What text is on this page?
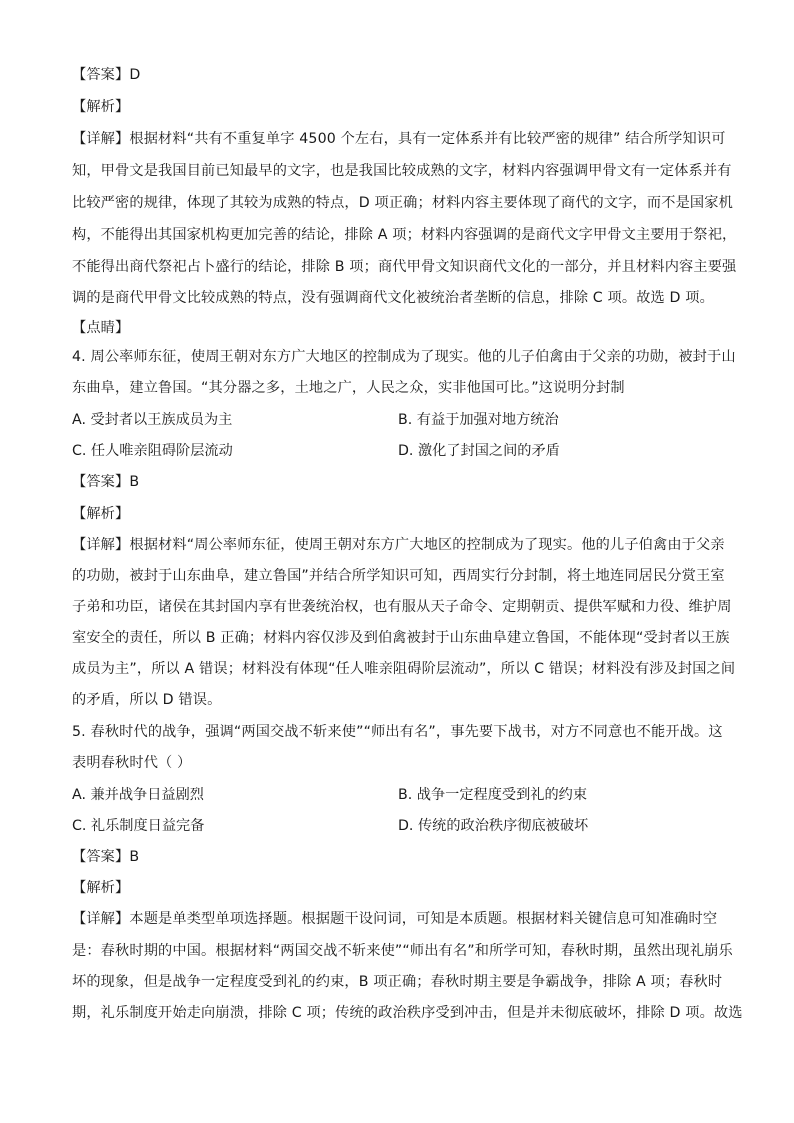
【答案】D
【解析】
【详解】根据材料“共有不重复单字 4500 个左右，具有一定体系并有比较严密的规律” 结合所学知识可
知，甲骨文是我国目前已知最早的文字，也是我国比较成熟的文字，材料内容强调甲骨文有一定体系并有
比较严密的规律，体现了其较为成熟的特点，D 项正确；材料内容主要体现了商代的文字，而不是国家机
构，不能得出其国家机构更加完善的结论，排除 A 项；材料内容强调的是商代文字甲骨文主要用于祭祀，
不能得出商代祭祀占卜盛行的结论，排除 B 项；商代甲骨文知识商代文化的一部分，并且材料内容主要强
调的是商代甲骨文比较成熟的特点，没有强调商代文化被统治者垄断的信息，排除 C 项。故选 D 项。
【点睛】
4. 周公率师东征，使周王朝对东方广大地区的控制成为了现实。他的儿子伯禽由于父亲的功勋，被封于山
东曲阜，建立鲁国。“其分器之多，土地之广，人民之众，实非他国可比。”这说明分封制
A. 受封者以王族成员为主	B. 有益于加强对地方统治
C. 任人唯亲阻碍阶层流动	D. 激化了封国之间的矛盾
【答案】B
【解析】
【详解】根据材料“周公率师东征，使周王朝对东方广大地区的控制成为了现实。他的儿子伯禽由于父亲
的功勋，被封于山东曲阜，建立鲁国”并结合所学知识可知，西周实行分封制，将土地连同居民分赏王室
子弟和功臣，诸侯在其封国内享有世袭统治权，也有服从天子命令、定期朝贡、提供军赋和力役、维护周
室安全的责任，所以 B 正确；材料内容仅涉及到伯禽被封于山东曲阜建立鲁国，不能体现“受封者以王族
成员为主”，所以 A 错误；材料没有体现“任人唯亲阻碍阶层流动”，所以 C 错误；材料没有涉及封国之间
的矛盾，所以 D 错误。
5. 春秋时代的战争，强调“两国交战不斩来使”“师出有名”，事先要下战书，对方不同意也不能开战。这
表明春秋时代（ ）
A. 兼并战争日益剧烈	B. 战争一定程度受到礼的约束
C. 礼乐制度日益完备	D. 传统的政治秩序彻底被破坏
【答案】B
【解析】
【详解】本题是单类型单项选择题。根据题干设问词，可知是本质题。根据材料关键信息可知准确时空
是：春秋时期的中国。根据材料“两国交战不斩来使”“师出有名”和所学可知，春秋时期，虽然出现礼崩乐
坏的现象，但是战争一定程度受到礼的约束，B 项正确；春秋时期主要是争霸战争，排除 A 项；春秋时
期，礼乐制度开始走向崩溃，排除 C 项；传统的政治秩序受到冲击，但是并未彻底破坏，排除 D 项。故选
